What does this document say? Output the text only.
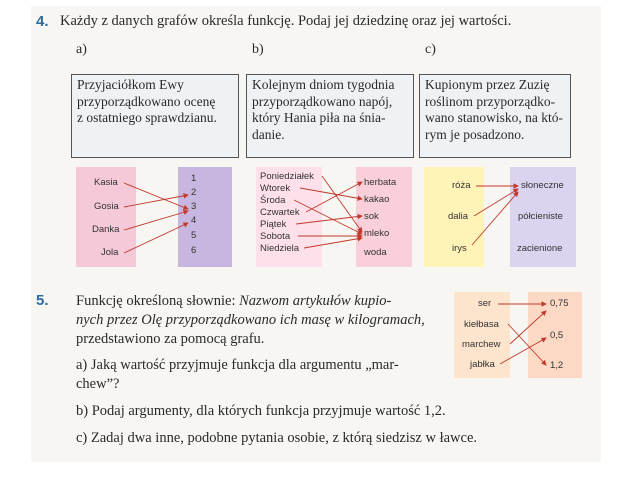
4. Każdy z danych grafów określa funkcję. Podaj jej dziedzinę oraz jej wartości.
a)	b)	c)
Przyjaciółkom Ewy
przyporządkowano ocenę
z ostatniego sprawdzianu.
Kolejnym dniom tygodnia
przyporządkowano napój,
który Hania piła na śnia-
danie.
Kupionym przez Zuzię
roślinom przyporządko-
wano stanowisko, na któ-
rym je posadzono.
Kasia
Gosia
Danka
Jola
1
2
3
4
5
6
Poniedziałek
Wtorek
Środa
Czwartek
Piątek
Sobota
Niedziela
herbata
kakao
sok
mleko
woda
róża
dalia
irys
słoneczne
półcieniste
zacienione
5. Funkcję określoną słownie: Nazwom artykułów kupio-
nych przez Olę przyporządkowano ich masę w kilogramach,
przedstawiono za pomocą grafu.
a) Jaką wartość przyjmuje funkcja dla argumentu „mar-
chew”?
b) Podaj argumenty, dla których funkcja przyjmuje wartość 1,2.
c) Zadaj dwa inne, podobne pytania osobie, z którą siedzisz w ławce.
ser
kiełbasa
marchew
jabłka
0,75
0,5
1,2
